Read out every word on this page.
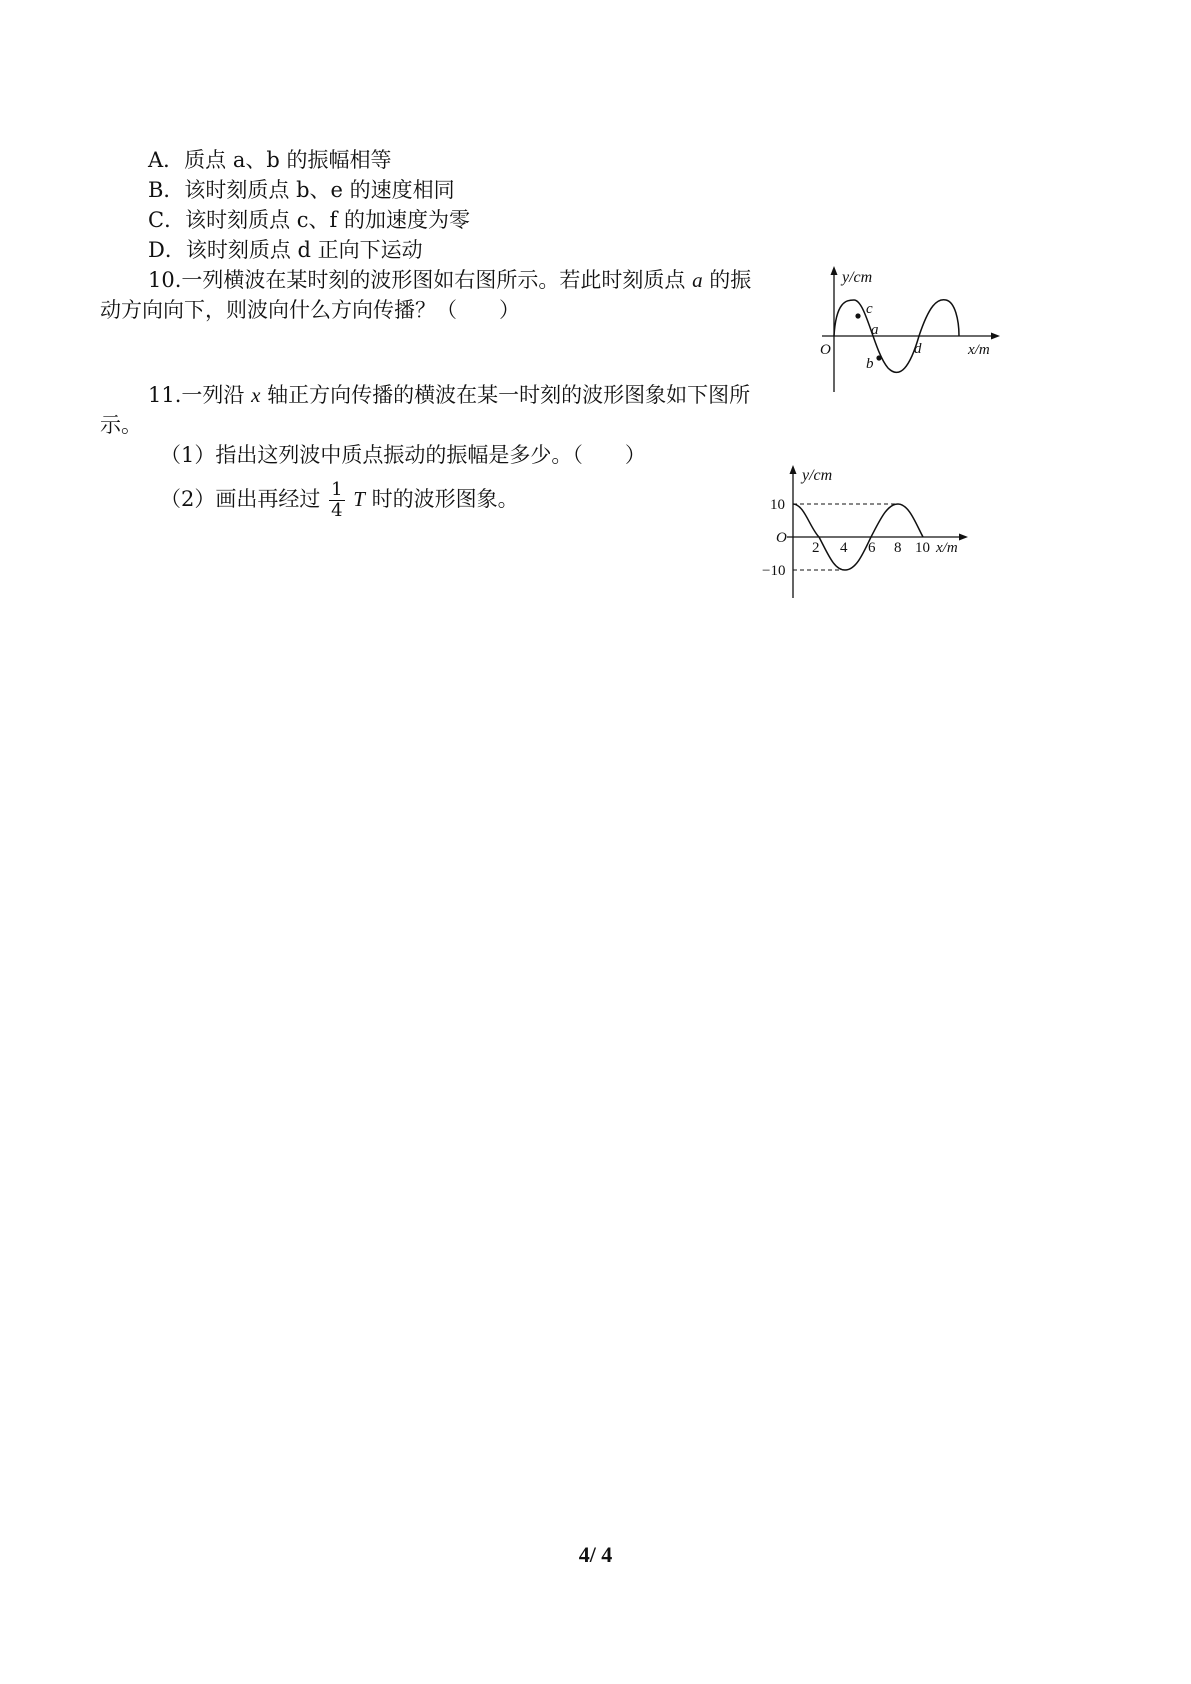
A．质点 a、b 的振幅相等
B．该时刻质点 b、e 的速度相同
C．该时刻质点 c、f 的加速度为零
D．该时刻质点 d 正向下运动
10.一列横波在某时刻的波形图如右图所示。若此时刻质点 a 的振
动方向向下，则波向什么方向传播？（　　）
y/cm
c
a
O
b
d	x/m
11.一列沿 x 轴正方向传播的横波在某一时刻的波形图象如下图所
示。
（1）指出这列波中质点振动的振幅是多少。（　　）
（2）画出再经过 $\frac{1}{4}$ T 时的波形图象。
y/cm
10
O
−10
2 4 6 8 10 x/m
4/ 4
